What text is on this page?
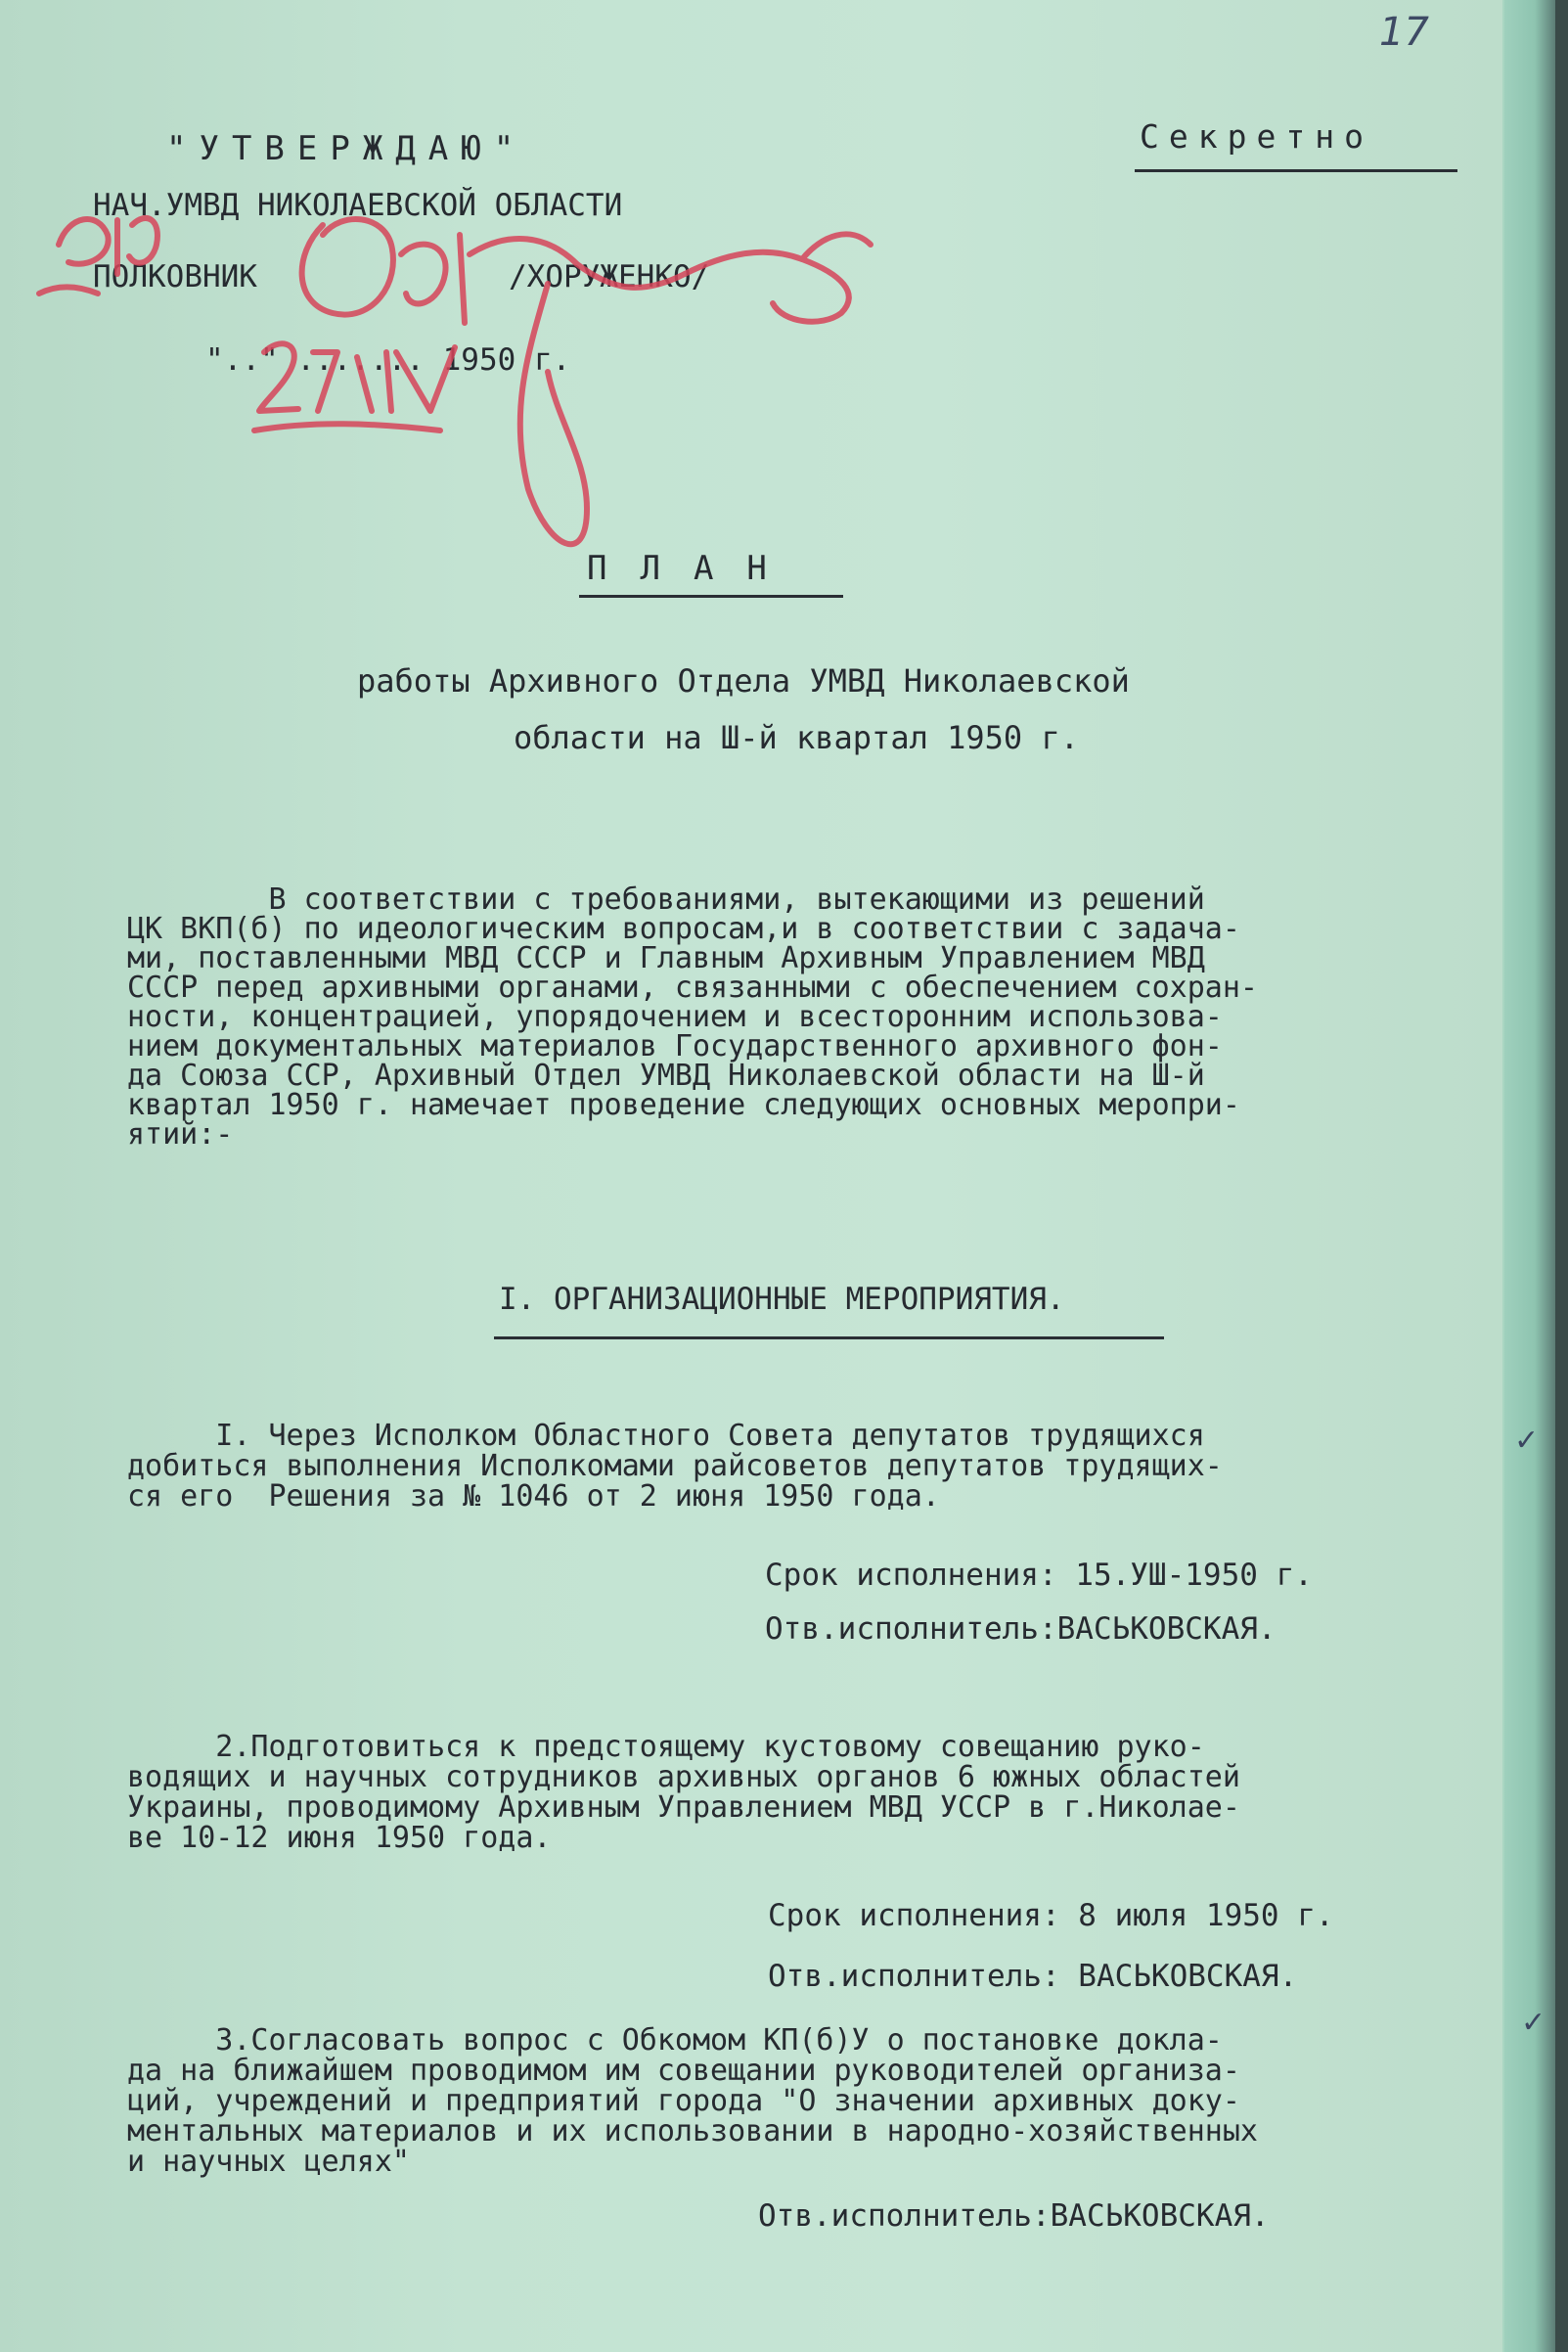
17
"УТВЕРЖДАЮ"
НАЧ.УМВД НИКОЛАЕВСКОЙ ОБЛАСТИ
ПОЛКОВНИК	/ХОРУЖЕНКО/
".." ....... 1950 г.
Секретно
ПЛАН
работы Архивного Отдела УМВД Николаевской
области на Ш-й квартал 1950 г.
В соответствии с требованиями, вытекающими из решений
ЦК ВКП(б) по идеологическим вопросам,и в соответствии с задача-
ми, поставленными МВД СССР и Главным Архивным Управлением МВД
СССР перед архивными органами, связанными с обеспечением сохран-
ности, концентрацией, упорядочением и всесторонним использова-
нием документальных материалов Государственного архивного фон-
да Союза ССР, Архивный Отдел УМВД Николаевской области на Ш-й
квартал 1950 г. намечает проведение следующих основных меропри-
ятий:-
I. ОРГАНИЗАЦИОННЫЕ МЕРОПРИЯТИЯ.
I. Через Исполком Областного Совета депутатов трудящихся
добиться выполнения Исполкомами райсоветов депутатов трудящих-
ся его  Решения за № 1046 от 2 июня 1950 года.
✓
Срок исполнения: 15.УШ-1950 г.
Отв.исполнитель:ВАСЬКОВСКАЯ.
2.Подготовиться к предстоящему кустовому совещанию руко-
водящих и научных сотрудников архивных органов 6 южных областей
Украины, проводимому Архивным Управлением МВД УССР в г.Николае-
ве 10-12 июня 1950 года.
Срок исполнения: 8 июля 1950 г.
Отв.исполнитель: ВАСЬКОВСКАЯ.
3.Согласовать вопрос с Обкомом КП(б)У о постановке докла-
да на ближайшем проводимом им совещании руководителей организа-
ций, учреждений и предприятий города "О значении архивных доку-
ментальных материалов и их использовании в народно-хозяйственных
и научных целях"
✓
Отв.исполнитель:ВАСЬКОВСКАЯ.
